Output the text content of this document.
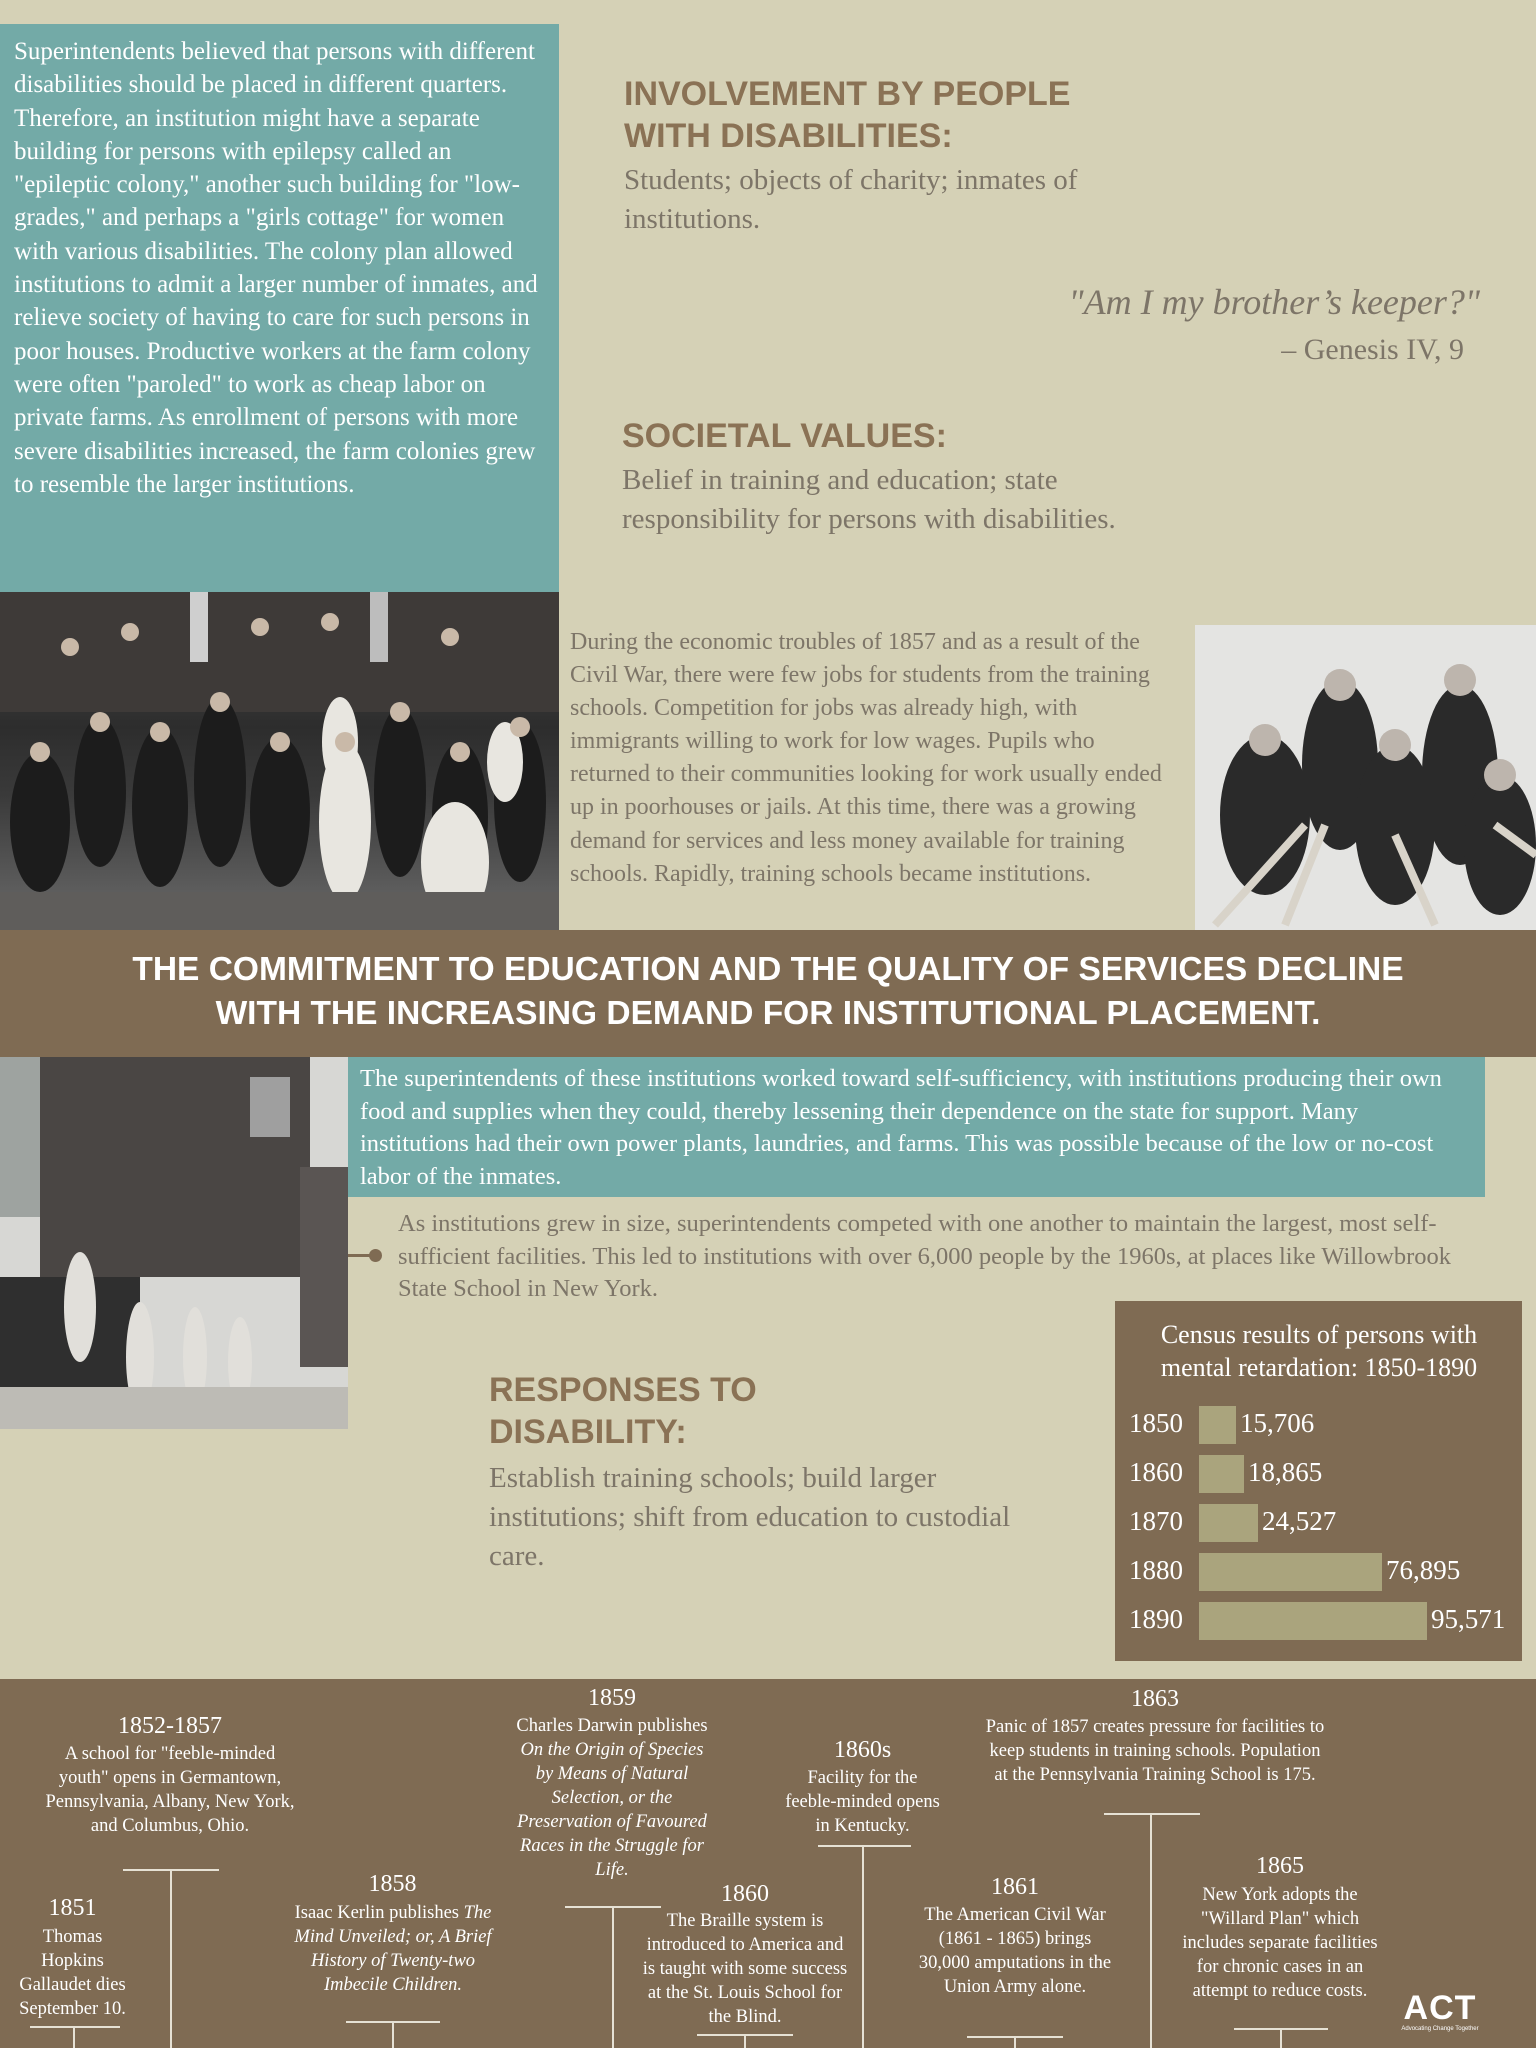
Superintendents believed that persons with different disabilities should be placed in different quarters. Therefore, an institution might have a separate building for persons with epilepsy called an "epileptic colony," another such building for "low-grades," and perhaps a "girls cottage" for women with various disabilities. The colony plan allowed institutions to admit a larger number of inmates, and relieve society of having to care for such persons in poor houses. Productive workers at the farm colony were often "paroled" to work as cheap labor on private farms. As enrollment of persons with more severe disabilities increased, the farm colonies grew to resemble the larger institutions.
INVOLVEMENT BY PEOPLE
WITH DISABILITIES:
Students; objects of charity; inmates of institutions.
"Am I my brother’s keeper?"
– Genesis IV, 9
SOCIETAL VALUES:
Belief in training and education; state responsibility for persons with disabilities.
During the economic troubles of 1857 and as a result of the Civil War, there were few jobs for students from the training schools. Competition for jobs was already high, with immigrants willing to work for low wages. Pupils who returned to their communities looking for work usually ended up in poorhouses or jails. At this time, there was a growing demand for services and less money available for training schools. Rapidly, training schools became institutions.
THE COMMITMENT TO EDUCATION AND THE QUALITY OF SERVICES DECLINE
WITH THE INCREASING DEMAND FOR INSTITUTIONAL PLACEMENT.
The superintendents of these institutions worked toward self-sufficiency, with institutions producing their own food and supplies when they could, thereby lessening their dependence on the state for support. Many institutions had their own power plants, laundries, and farms. This was possible because of the low or no-cost labor of the inmates.
As institutions grew in size, superintendents competed with one another to maintain the largest, most self-sufficient facilities. This led to institutions with over 6,000 people by the 1960s, at places like Willowbrook State School in New York.
RESPONSES TO
DISABILITY:
Establish training schools; build larger institutions; shift from education to custodial care.
Census results of persons with mental retardation: 1850-1890
1850 15,706
1860 18,865
1870	24,527
1880	76,895
1890	95,571
1852-1857
A school for "feeble-minded youth" opens in Germantown, Pennsylvania, Albany, New York, and Columbus, Ohio.
1851
Thomas Hopkins Gallaudet dies September 10.
1858
Isaac Kerlin publishes The Mind Unveiled; or, A Brief History of Twenty-two Imbecile Children.
1859
Charles Darwin publishes On the Origin of Species by Means of Natural Selection, or the Preservation of Favoured Races in the Struggle for Life.
1860
The Braille system is introduced to America and is taught with some success at the St. Louis School for the Blind.
1860s
Facility for the feeble-minded opens in Kentucky.
1861
The American Civil War (1861 - 1865) brings 30,000 amputations in the Union Army alone.
1863
Panic of 1857 creates pressure for facilities to keep students in training schools. Population at the Pennsylvania Training School is 175.
1865
New York adopts the "Willard Plan" which includes separate facilities for chronic cases in an attempt to reduce costs.	ACT
Advocating Change Together
